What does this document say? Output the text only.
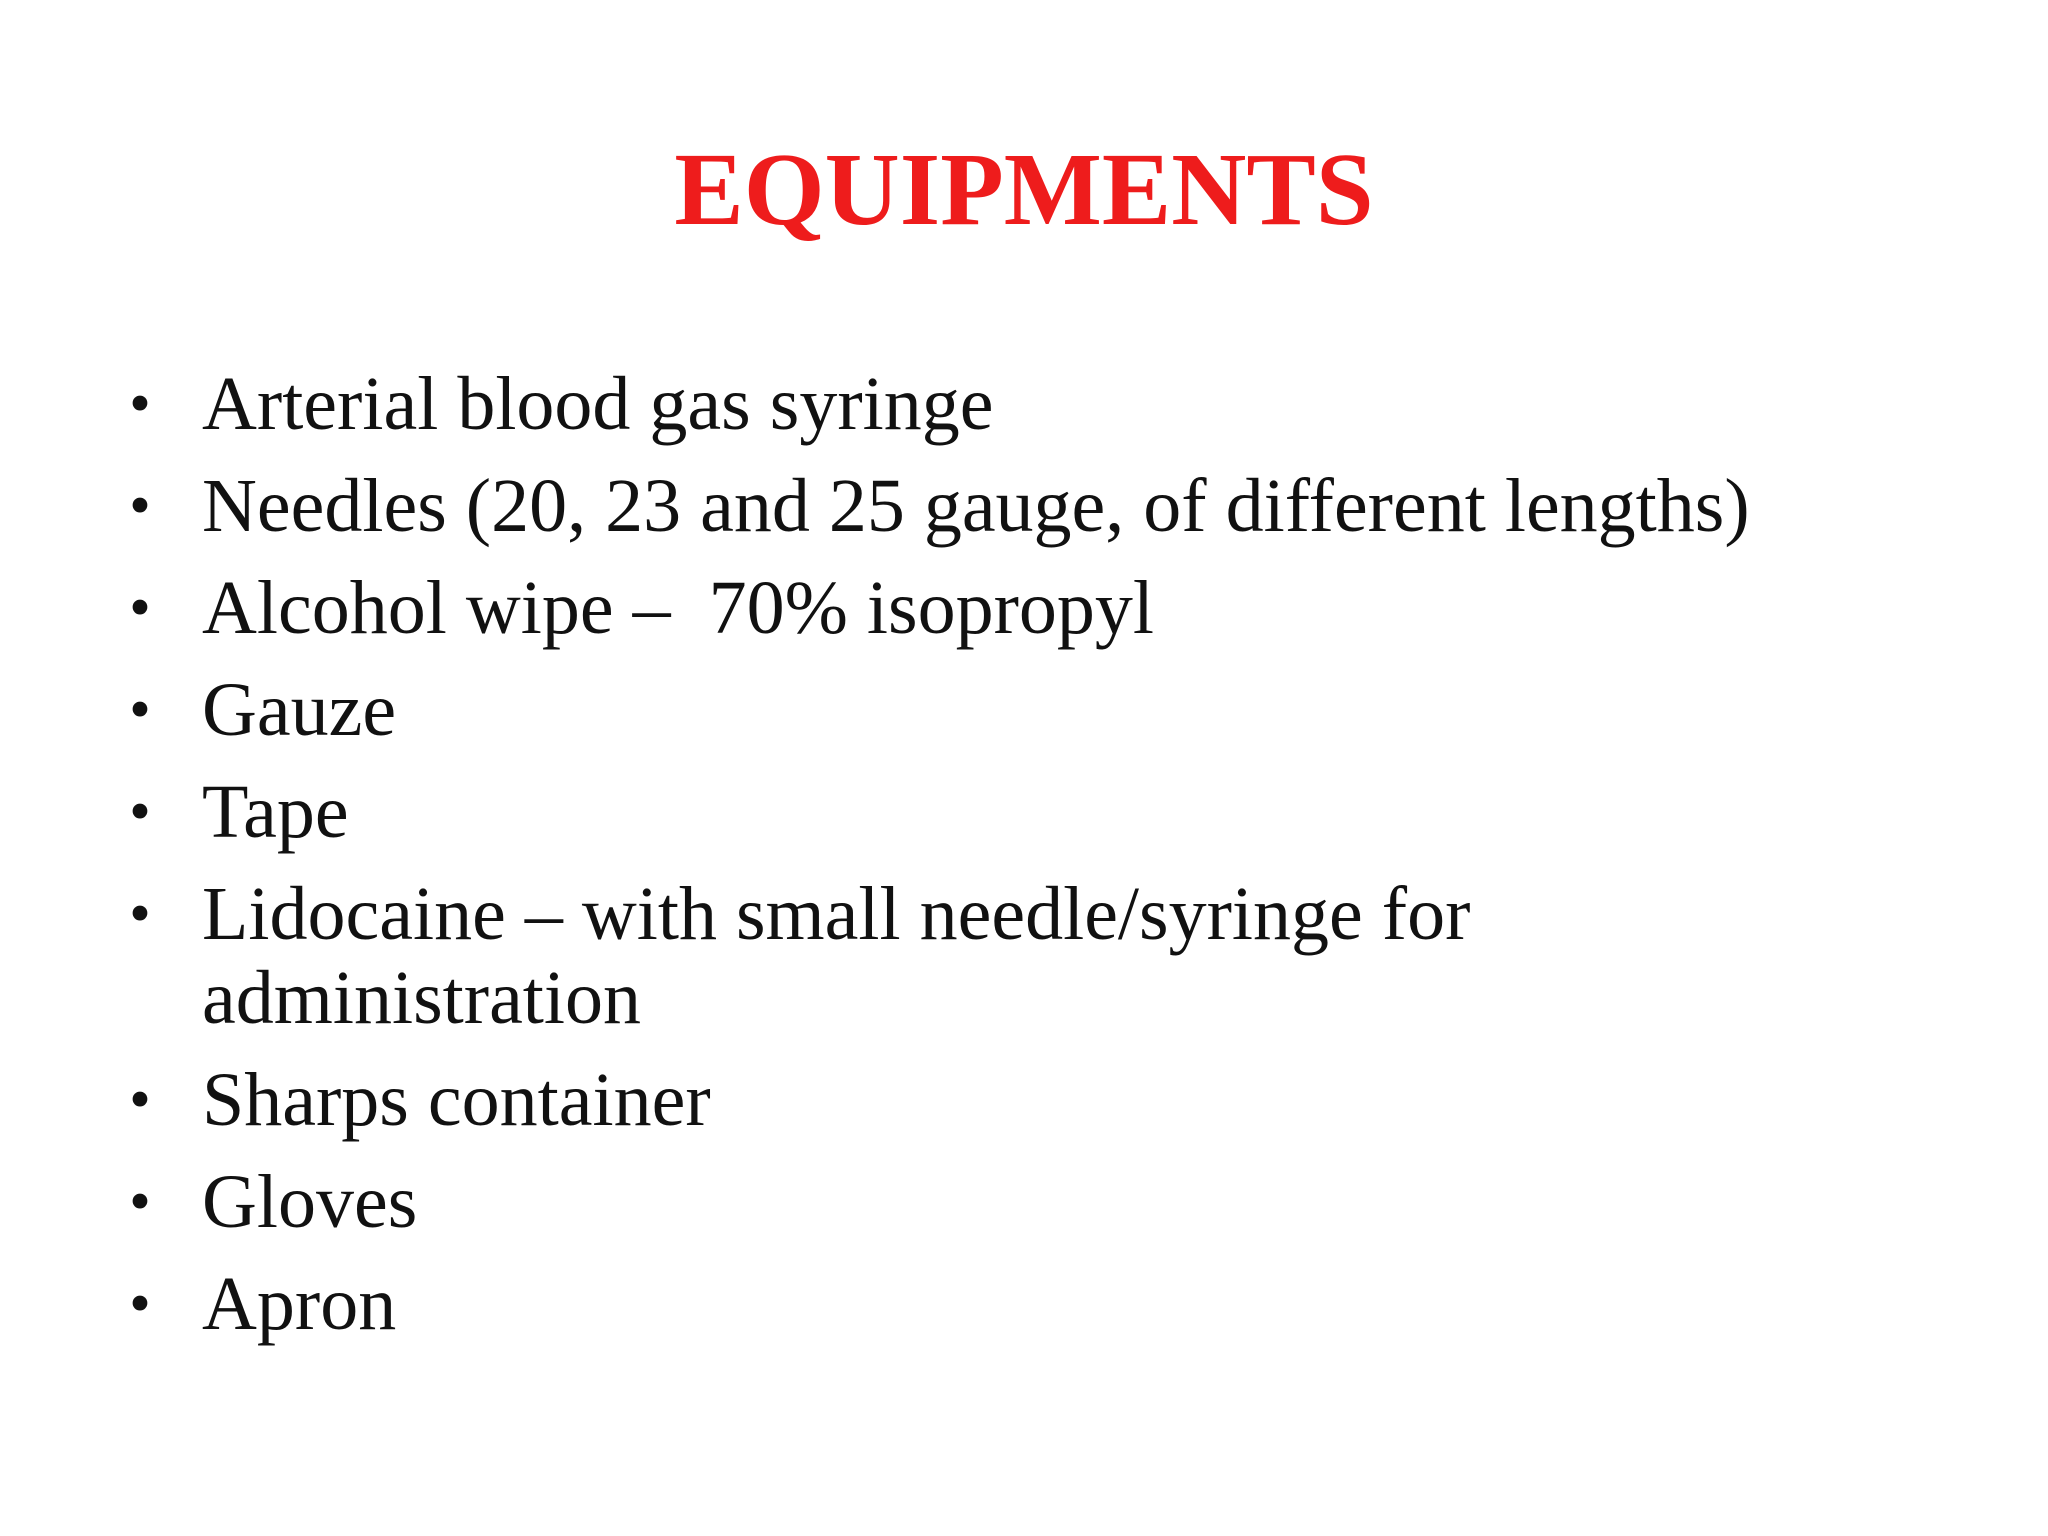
EQUIPMENTS
• Arterial blood gas syringe
• Needles (20, 23 and 25 gauge, of different lengths)
• Alcohol wipe –  70% isopropyl
• Gauze
• Tape
• Lidocaine – with small needle/syringe for administration
• Sharps container
• Gloves
• Apron
